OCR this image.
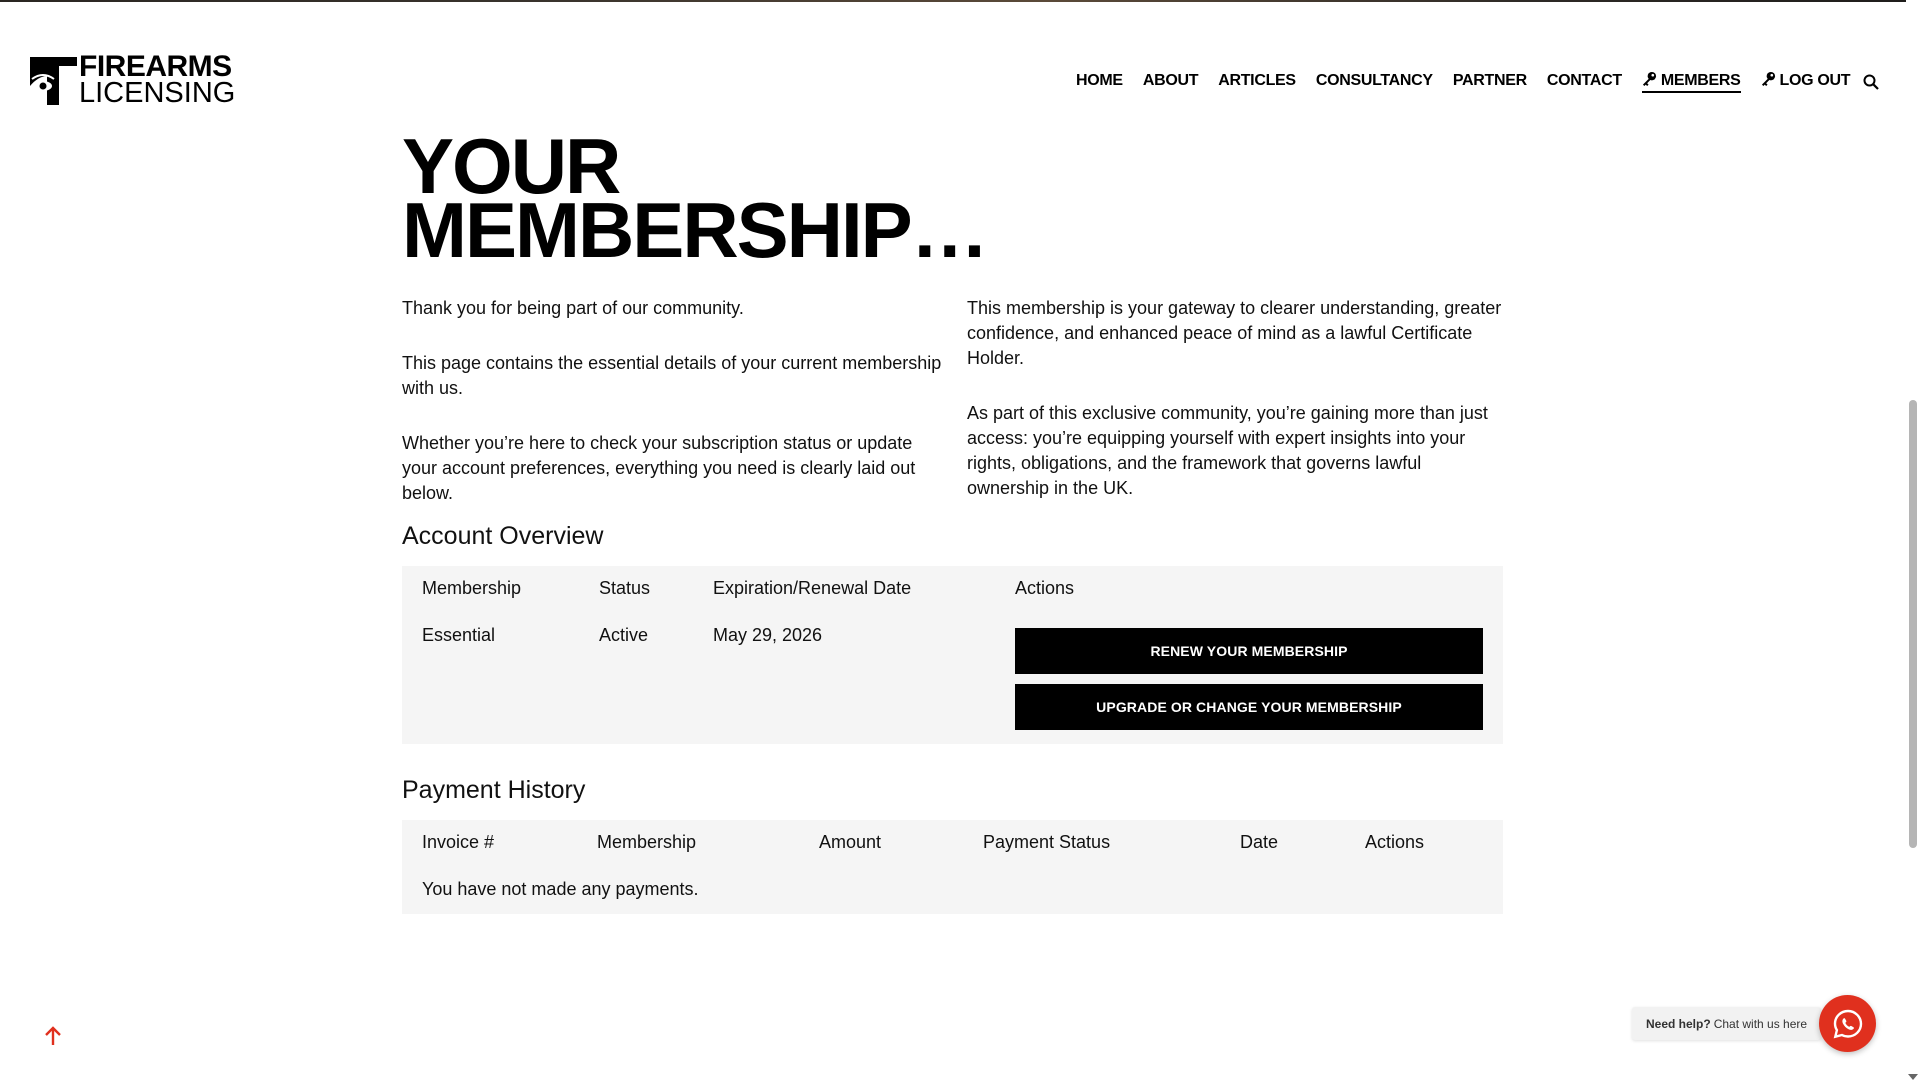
FIREARMS
LICENSING	HOME ABOUT ARTICLES CONSULTANCY PARTNER CONTACT MEMBERS LOG OUT
YOUR
MEMBERSHIP…

Thank you for being part of our community.

This page contains the essential details of your current membership with us.

Whether you’re here to check your subscription status or update your account preferences, everything you need is clearly laid out below.

This membership is your gateway to clearer understanding, greater confidence, and enhanced peace of mind as a lawful Certificate Holder.

As part of this exclusive community, you’re gaining more than just access: you’re equipping yourself with expert insights into your rights, obligations, and the framework that governs lawful ownership in the UK.

Account Overview
Membership	Status	Expiration/Renewal Date	Actions
Essential	Active	May 29, 2026
RENEW YOUR MEMBERSHIP
UPGRADE OR CHANGE YOUR MEMBERSHIP
Payment History
Invoice #	Membership	Amount	Payment Status	Date	Actions
You have not made any payments.
Need help? Chat with us here
